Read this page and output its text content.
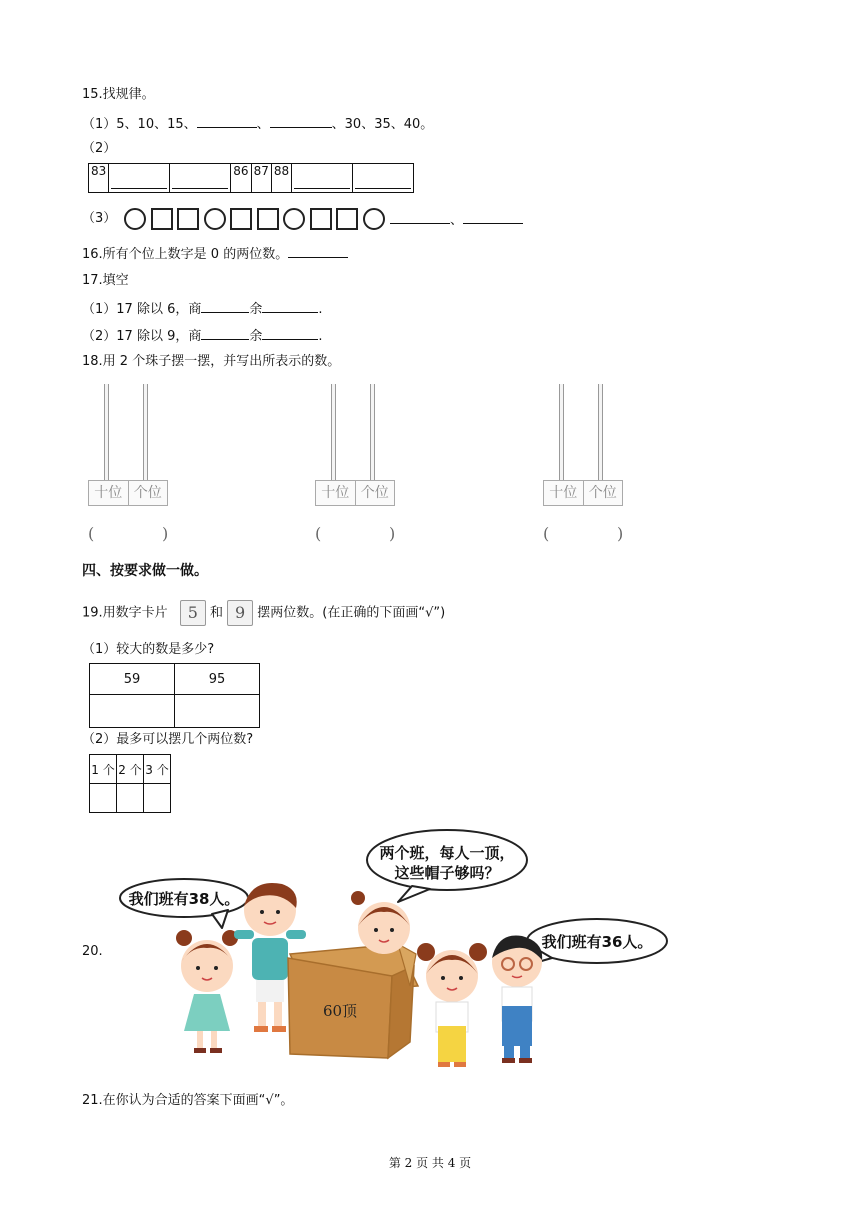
15.找规律。
（1）5、10、15、	、	、30、35、40。
（2）
83			86	87	88		
（3）	、
16.所有个位上数字是 0 的两位数。
17.填空
（1）17 除以 6，商	余	.
（2）17 除以 9，商	余	.
18.用 2 个珠子摆一摆，并写出所表示的数。
十位 个位
(	)
十位 个位
(	)
十位 个位
(	)
四、按要求做一做。
19.用数字卡片 5 和 9 摆两位数。(在正确的下面画“√”)
（1）较大的数是多少?
59	95

（2）最多可以摆几个两位数?
1 个	2 个	3 个

20.
两个班，每人一顶，
这些帽子够吗？
我们班有38人。
我们班有36人。
60顶
21.在你认为合适的答案下面画“√”。
第 2 页 共 4 页
